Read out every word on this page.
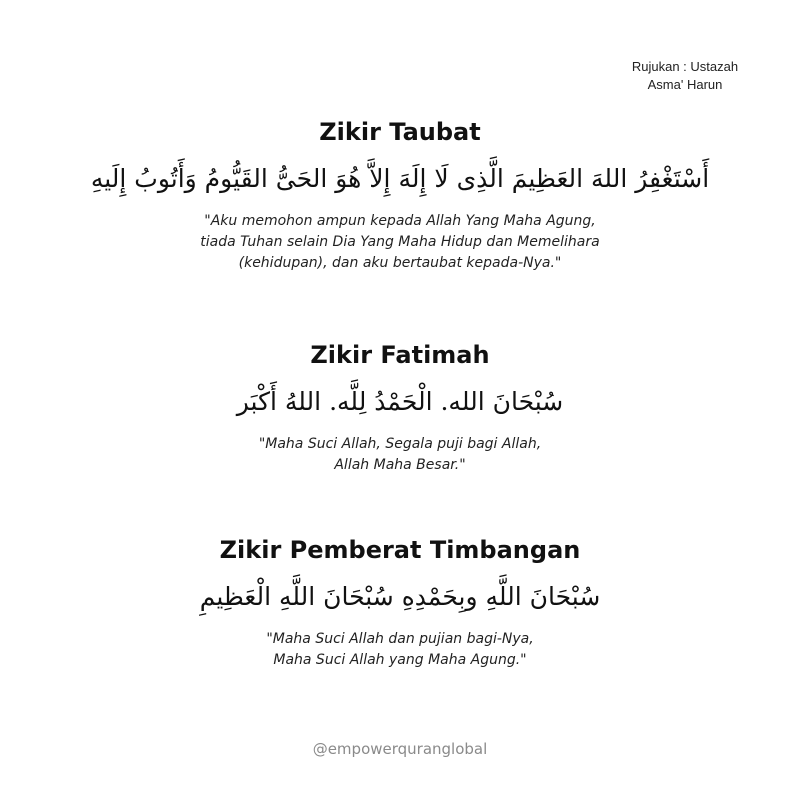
Rujukan : Ustazah
Asma' Harun
Zikir Taubat

أَسْتَغْفِرُ اللهَ العَظِيمَ الَّذِى لَا إِلَهَ إِلاَّ هُوَ الحَىُّ القَيُّومُ وَأَتُوبُ إِلَيهِ

"Aku memohon ampun kepada Allah Yang Maha Agung,
tiada Tuhan selain Dia Yang Maha Hidup dan Memelihara
(kehidupan), dan aku bertaubat kepada-Nya."

Zikir Fatimah

سُبْحَانَ الله. الْحَمْدُ لِلَّه. اللهُ أَكْبَر

"Maha Suci Allah, Segala puji bagi Allah,
Allah Maha Besar."

Zikir Pemberat Timbangan

سُبْحَانَ اللَّهِ وبِحَمْدِهِ سُبْحَانَ اللَّهِ الْعَظِيمِ

"Maha Suci Allah dan pujian bagi-Nya,
Maha Suci Allah yang Maha Agung."

@empowerquranglobal
